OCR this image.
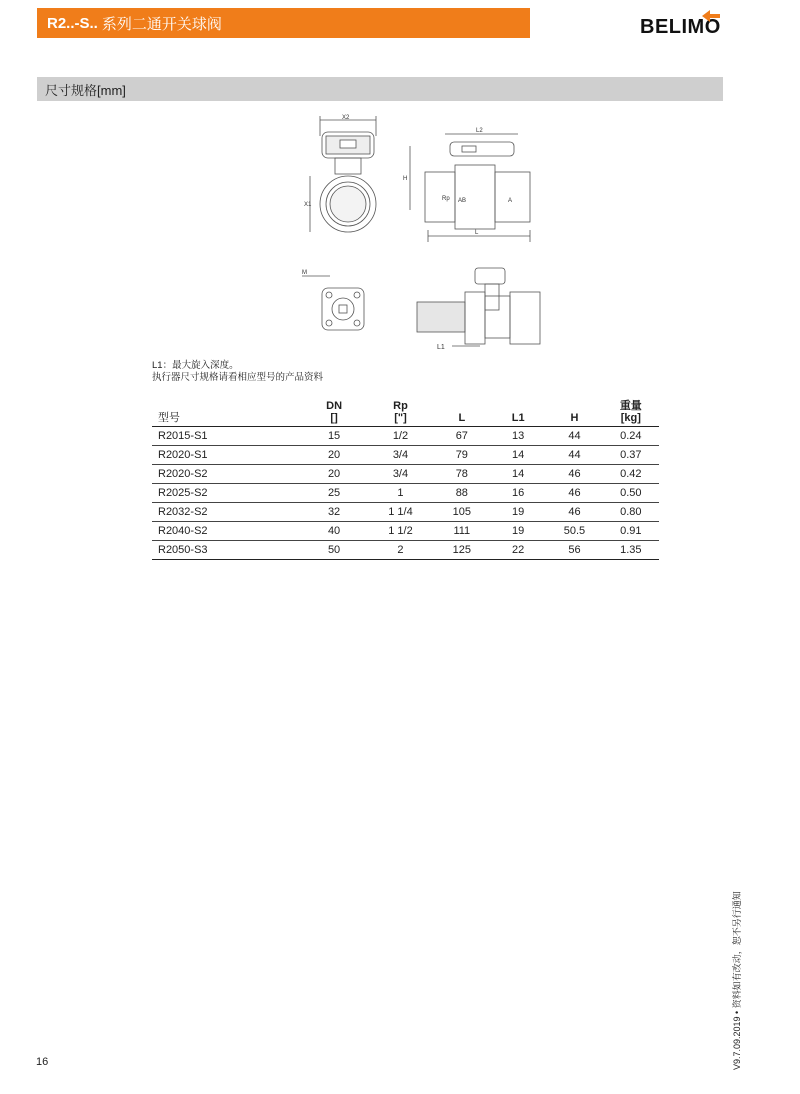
R2..-S.. 系列二通开关球阀	BELIMO
尺寸规格[mm]
X2
X1
L2
H
L
AB	A
Rp
M
L1
L1：最大旋入深度。
执行器尺寸规格请看相应型号的产品资料
型号	DN
[]	Rp
["]	L	L1	H	重量
[kg]
R2015-S1	15	1/2	67	13	44	0.24
R2020-S1	20	3/4	79	14	44	0.37
R2020-S2	20	3/4	78	14	46	0.42
R2025-S2	25	1	88	16	46	0.50
R2032-S2	32	1 1/4	105	19	46	0.80
R2040-S2	40	1 1/2	111	19	50.5	0.91
R2050-S3	50	2	125	22	56	1.35
V9.7.09.2019 • 资料如有改动，恕不另行通知
16
